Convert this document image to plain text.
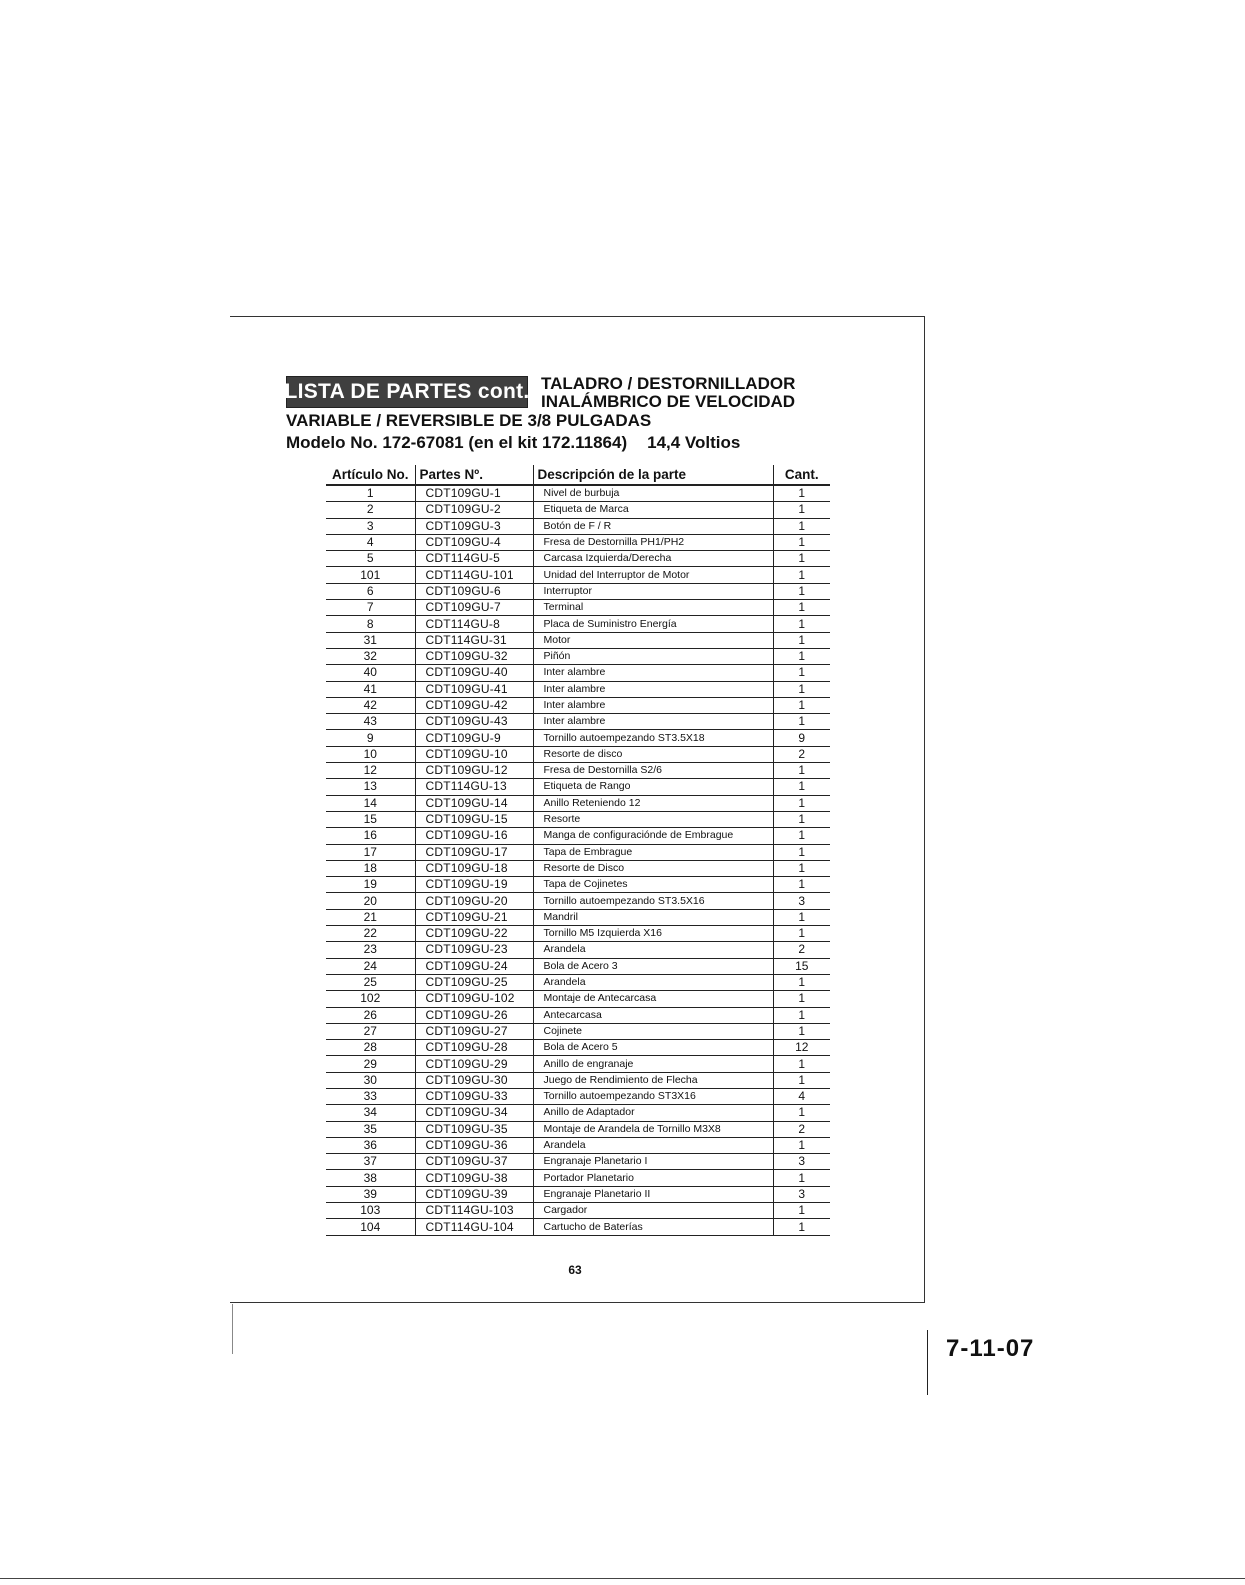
LISTA DE PARTES cont. TALADRO / DESTORNILLADOR
INALÁMBRICO DE VELOCIDAD
VARIABLE / REVERSIBLE DE 3/8 PULGADAS
Modelo No. 172-67081 (en el kit 172.11864) 14,4 Voltios
Artículo No.	Partes Nº.	Descripción de la parte	Cant.
1	CDT109GU-1	Nivel de burbuja	1
2	CDT109GU-2	Etiqueta de Marca	1
3	CDT109GU-3	Botón de F / R	1
4	CDT109GU-4	Fresa de Destornilla PH1/PH2	1
5	CDT114GU-5	Carcasa Izquierda/Derecha	1
101	CDT114GU-101	Unidad del Interruptor de Motor	1
6	CDT109GU-6	Interruptor	1
7	CDT109GU-7	Terminal	1
8	CDT114GU-8	Placa de Suministro Energía	1
31	CDT114GU-31	Motor	1
32	CDT109GU-32	Piñón	1
40	CDT109GU-40	Inter alambre	1
41	CDT109GU-41	Inter alambre	1
42	CDT109GU-42	Inter alambre	1
43	CDT109GU-43	Inter alambre	1
9	CDT109GU-9	Tornillo autoempezando ST3.5X18	9
10	CDT109GU-10	Resorte de disco	2
12	CDT109GU-12	Fresa de Destornilla S2/6	1
13	CDT114GU-13	Etiqueta de Rango	1
14	CDT109GU-14	Anillo Reteniendo 12	1
15	CDT109GU-15	Resorte	1
16	CDT109GU-16	Manga de configuraciónde de Embrague	1
17	CDT109GU-17	Tapa de Embrague	1
18	CDT109GU-18	Resorte de Disco	1
19	CDT109GU-19	Tapa de Cojinetes	1
20	CDT109GU-20	Tornillo autoempezando ST3.5X16	3
21	CDT109GU-21	Mandril	1
22	CDT109GU-22	Tornillo M5 Izquierda X16	1
23	CDT109GU-23	Arandela	2
24	CDT109GU-24	Bola de Acero 3	15
25	CDT109GU-25	Arandela	1
102	CDT109GU-102	Montaje de Antecarcasa	1
26	CDT109GU-26	Antecarcasa	1
27	CDT109GU-27	Cojinete	1
28	CDT109GU-28	Bola de Acero 5	12
29	CDT109GU-29	Anillo de engranaje	1
30	CDT109GU-30	Juego de Rendimiento de Flecha	1
33	CDT109GU-33	Tornillo autoempezando ST3X16	4
34	CDT109GU-34	Anillo de Adaptador	1
35	CDT109GU-35	Montaje de Arandela de Tornillo M3X8	2
36	CDT109GU-36	Arandela	1
37	CDT109GU-37	Engranaje Planetario I	3
38	CDT109GU-38	Portador Planetario	1
39	CDT109GU-39	Engranaje Planetario II	3
103	CDT114GU-103	Cargador	1
104	CDT114GU-104	Cartucho de Baterías	1
63
7-11-07
